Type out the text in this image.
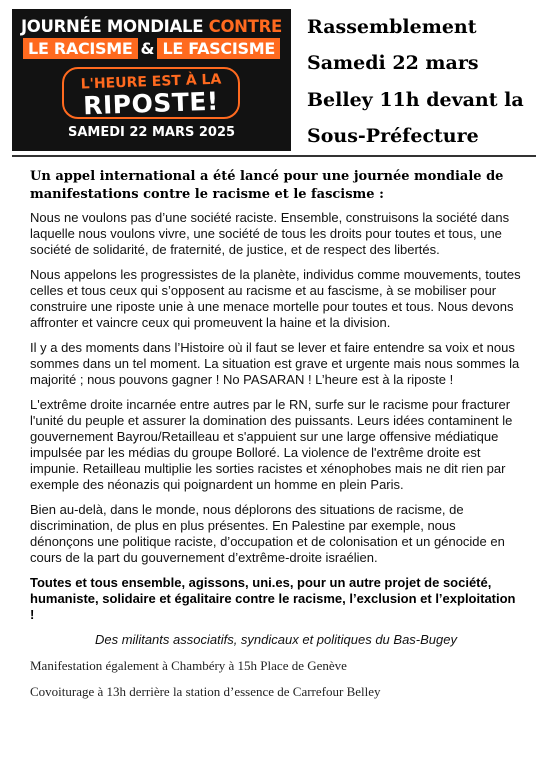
JOURNÉE MONDIALE CONTRE
LE RACISME & LE FASCISME
L'HEURE EST À LA
RIPOSTE!
SAMEDI 22 MARS 2025
Rassemblement
Samedi 22 mars
Belley 11h devant la
Sous-Préfecture
Un appel international a été lancé pour une journée mondiale de manifestations contre le racisme et le fascisme :

Nous ne voulons pas d’une société raciste. Ensemble, construisons la société dans laquelle nous voulons vivre, une société de tous les droits pour toutes et tous, une société de solidarité, de fraternité, de justice, et de respect des libertés.

Nous appelons les progressistes de la planète, individus comme mouvements, toutes celles et tous ceux qui s’opposent au racisme et au fascisme, à se mobiliser pour construire une riposte unie à une menace mortelle pour toutes et tous. Nous devons affronter et vaincre ceux qui promeuvent la haine et la division.

Il y a des moments dans l’Histoire où il faut se lever et faire entendre sa voix et nous sommes dans un tel moment. La situation est grave et urgente mais nous sommes la majorité ; nous pouvons gagner ! No PASARAN ! L’heure est à la riposte !

L'extrême droite incarnée entre autres par le RN, surfe sur le racisme pour fracturer l'unité du peuple et assurer la domination des puissants. Leurs idées contaminent le gouvernement Bayrou/Retailleau et s'appuient sur une large offensive médiatique impulsée par les médias du groupe Bolloré. La violence de l'extrême droite est impunie. Retailleau multiplie les sorties racistes et xénophobes mais ne dit rien par exemple des néonazis qui poignardent un homme en plein Paris.

Bien au-delà, dans le monde, nous déplorons des situations de racisme, de discrimination, de plus en plus présentes. En Palestine par exemple, nous dénonçons une politique raciste, d’occupation et de colonisation et un génocide en cours de la part du gouvernement d’extrême-droite israélien.

Toutes et tous ensemble, agissons, uni.es, pour un autre projet de société, humaniste, solidaire et égalitaire contre le racisme, l’exclusion et l’exploitation !

Des militants associatifs, syndicaux et politiques du Bas-Bugey

Manifestation également à Chambéry à 15h Place de Genève
Covoiturage à 13h derrière la station d’essence de Carrefour Belley
